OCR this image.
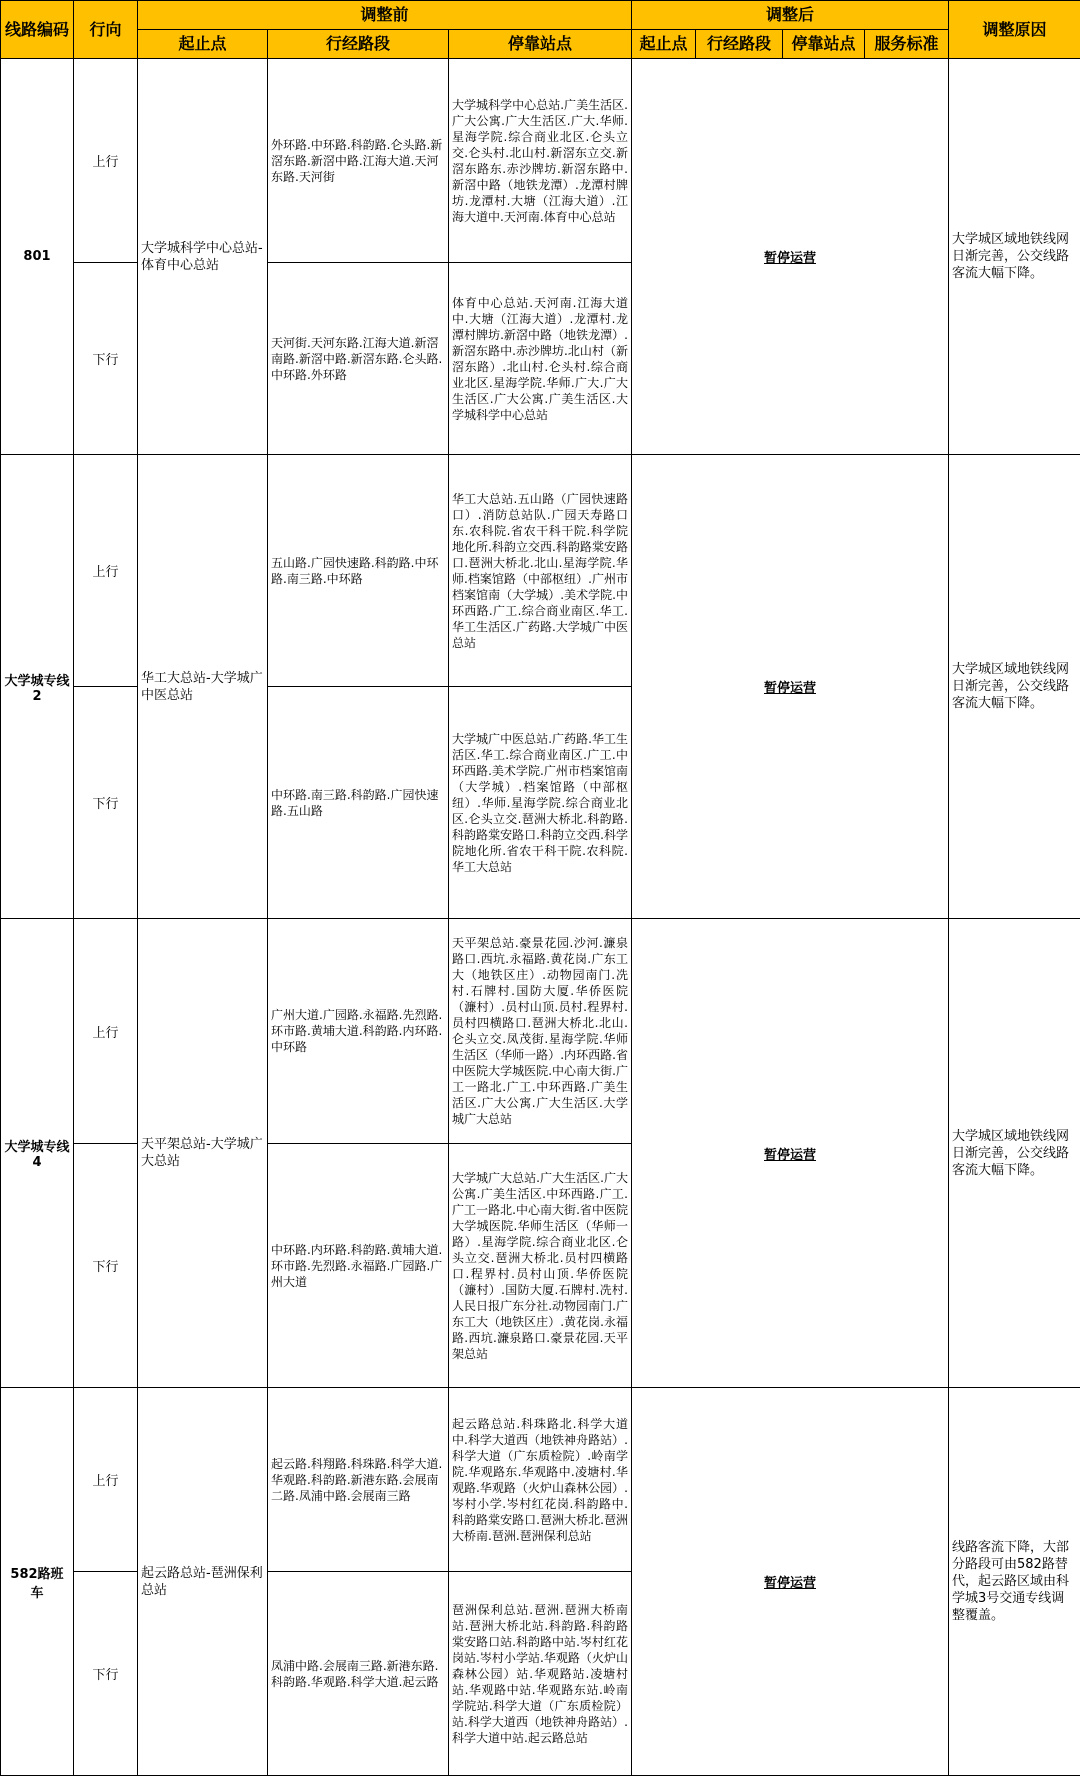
线路编码	行向	调整前			调整后				调整原因
		起止点	行经路段	停靠站点	起止点	行经路段	停靠站点	服务标准	
801	上行	大学城科学中心总站-体育中心总站	外环路.中环路.科韵路.仑头路.新滘东路.新滘中路.江海大道.天河东路.天河街	大学城科学中心总站.广美生活区.广大公寓.广大生活区.广大.华师.星海学院.综合商业北区.仑头立交.仑头村.北山村.新滘东立交.新滘东路东.赤沙牌坊.新滘东路中.新滘中路（地铁龙潭）.龙潭村牌坊.龙潭村.大塘（江海大道）.江海大道中.天河南.体育中心总站	暂停运营				大学城区域地铁线网日渐完善，公交线路客流大幅下降。
	下行		天河街.天河东路.江海大道.新滘南路.新滘中路.新滘东路.仑头路.中环路.外环路	体育中心总站.天河南.江海大道中.大塘（江海大道）.龙潭村.龙潭村牌坊.新滘中路（地铁龙潭）.新滘东路中.赤沙牌坊.北山村（新滘东路）.北山村.仑头村.综合商业北区.星海学院.华师.广大.广大生活区.广大公寓.广美生活区.大学城科学中心总站					
大学城专线2	上行	华工大总站-大学城广中医总站	五山路.广园快速路.科韵路.中环路.南三路.中环路	华工大总站.五山路（广园快速路口）.消防总站队.广园天寿路口东.农科院.省农干科干院.科学院地化所.科韵立交西.科韵路棠安路口.琶洲大桥北.北山.星海学院.华师.档案馆路（中部枢纽）.广州市档案馆南（大学城）.美术学院.中环西路.广工.综合商业南区.华工.华工生活区.广药路.大学城广中医总站	暂停运营				大学城区域地铁线网日渐完善，公交线路客流大幅下降。
	下行		中环路.南三路.科韵路.广园快速路.五山路	大学城广中医总站.广药路.华工生活区.华工.综合商业南区.广工.中环西路.美术学院.广州市档案馆南（大学城）.档案馆路（中部枢纽）.华师.星海学院.综合商业北区.仑头立交.琶洲大桥北.科韵路.科韵路棠安路口.科韵立交西.科学院地化所.省农干科干院.农科院.华工大总站					
大学城专线4	上行	天平架总站-大学城广大总站	广州大道.广园路.永福路.先烈路.环市路.黄埔大道.科韵路.内环路.中环路	天平架总站.豪景花园.沙河.濂泉路口.西坑.永福路.黄花岗.广东工大（地铁区庄）.动物园南门.冼村.石牌村.国防大厦.华侨医院（濂村）.员村山顶.员村.程界村.员村四横路口.琶洲大桥北.北山.仑头立交.凤茂街.星海学院.华师生活区（华师一路）.内环西路.省中医院大学城医院.中心南大街.广工一路北.广工.中环西路.广美生活区.广大公寓.广大生活区.大学城广大总站	暂停运营				大学城区域地铁线网日渐完善，公交线路客流大幅下降。
	下行		中环路.内环路.科韵路.黄埔大道.环市路.先烈路.永福路.广园路.广州大道	大学城广大总站.广大生活区.广大公寓.广美生活区.中环西路.广工.广工一路北.中心南大街.省中医院大学城医院.华师生活区（华师一路）.星海学院.综合商业北区.仑头立交.琶洲大桥北.员村四横路口.程界村.员村山顶.华侨医院（濂村）.国防大厦.石牌村.冼村.人民日报广东分社.动物园南门.广东工大（地铁区庄）.黄花岗.永福路.西坑.濂泉路口.豪景花园.天平架总站					
582路班车	上行	起云路总站-琶洲保利总站	起云路.科翔路.科珠路.科学大道.华观路.科韵路.新港东路.会展南二路.凤浦中路.会展南三路	起云路总站.科珠路北.科学大道中.科学大道西（地铁神舟路站）.科学大道（广东质检院）.岭南学院.华观路东.华观路中.凌塘村.华观路.华观路（火炉山森林公园）.岑村小学.岑村红花岗.科韵路中.科韵路棠安路口.琶洲大桥北.琶洲大桥南.琶洲.琶洲保利总站	暂停运营				线路客流下降，大部分路段可由582路替代，起云路区域由科学城3号交通专线调整覆盖。
	下行		凤浦中路.会展南三路.新港东路.科韵路.华观路.科学大道.起云路	琶洲保利总站.琶洲.琶洲大桥南站.琶洲大桥北站.科韵路.科韵路棠安路口站.科韵路中站.岑村红花岗站.岑村小学站.华观路（火炉山森林公园）站.华观路站.凌塘村站.华观路中站.华观路东站.岭南学院站.科学大道（广东质检院）站.科学大道西（地铁神舟路站）.科学大道中站.起云路总站					
